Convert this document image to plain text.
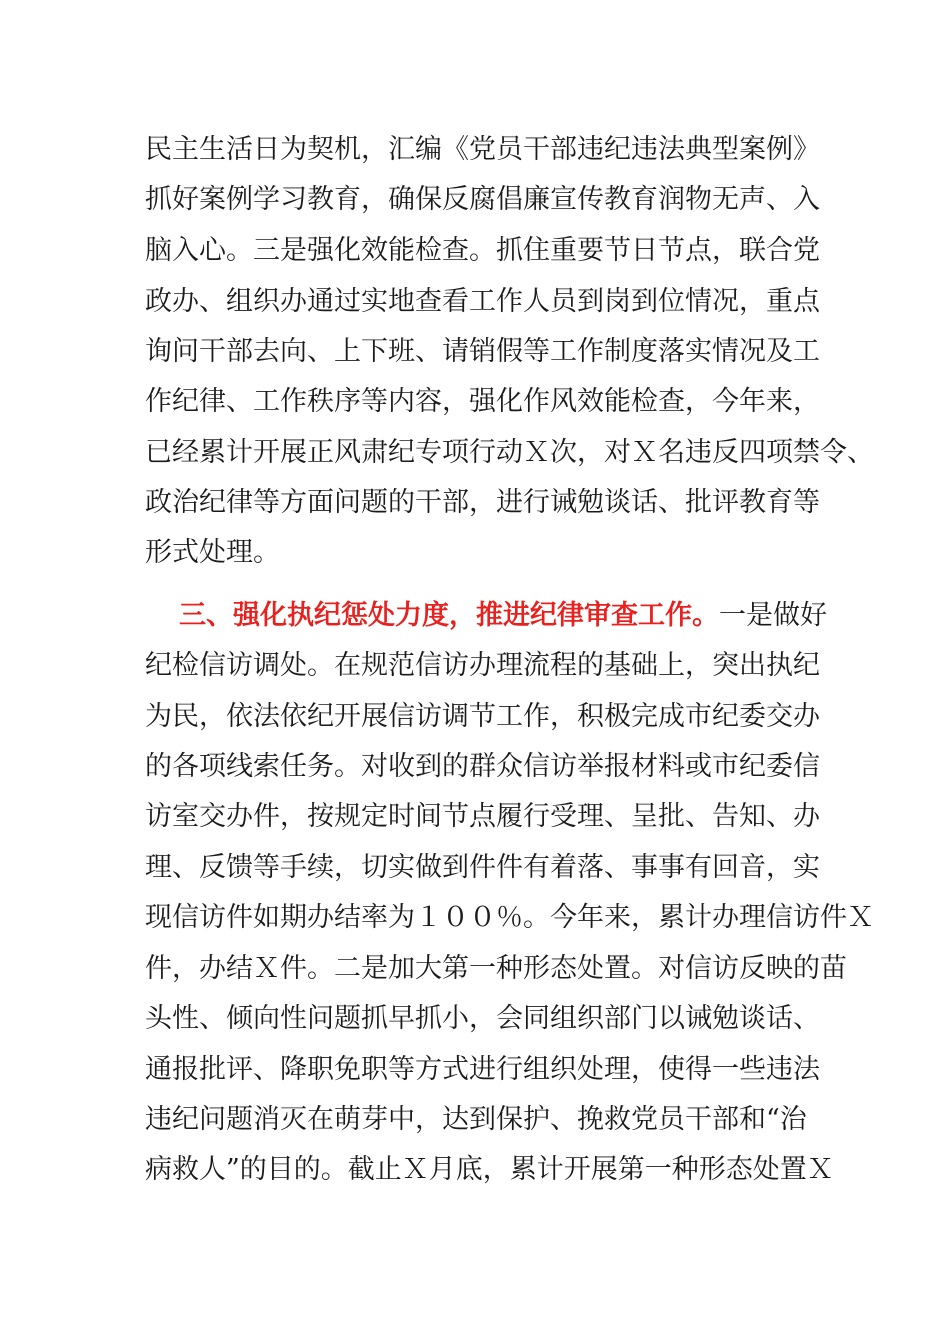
民主生活日为契机，汇编《党员干部违纪违法典型案例》
抓好案例学习教育，确保反腐倡廉宣传教育润物无声、入
脑入心。三是强化效能检查。抓住重要节日节点，联合党
政办、组织办通过实地查看工作人员到岗到位情况，重点
询问干部去向、上下班、请销假等工作制度落实情况及工
作纪律、工作秩序等内容，强化作风效能检查，今年来，
已经累计开展正风肃纪专项行动Ｘ次，对Ｘ名违反四项禁令、
政治纪律等方面问题的干部，进行诫勉谈话、批评教育等
形式处理。
三、强化执纪惩处力度，推进纪律审查工作。一是做好
纪检信访调处。在规范信访办理流程的基础上，突出执纪
为民，依法依纪开展信访调节工作，积极完成市纪委交办
的各项线索任务。对收到的群众信访举报材料或市纪委信
访室交办件，按规定时间节点履行受理、呈批、告知、办
理、反馈等手续，切实做到件件有着落、事事有回音，实
现信访件如期办结率为１００％。今年来，累计办理信访件Ｘ
件，办结Ｘ件。二是加大第一种形态处置。对信访反映的苗
头性、倾向性问题抓早抓小，会同组织部门以诫勉谈话、
通报批评、降职免职等方式进行组织处理，使得一些违法
违纪问题消灭在萌芽中，达到保护、挽救党员干部和“治
病救人”的目的。截止Ｘ月底，累计开展第一种形态处置Ｘ
